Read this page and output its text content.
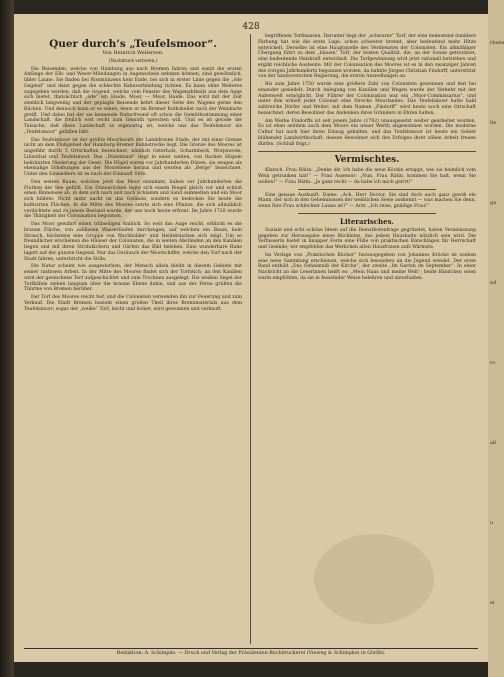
428
Quer durch’s „Teufelsmoor“.
Von Heinrich Wellersen.
(Nachdruck verboten.)

Die Reisenden, welche von Hamburg aus nach Bremen fahren und somit die ersten Anfänge der Elb- und Weser-Mündungen in Augenschein nehmen können, sind gewöhnlich, übler Laune. Sie finden bei Rissmünzens kein Ende, bei sich in erster Linie gegen die „öde Gegend“ und dann gegen die schlechte Bahnverbindung richten. Es kann ohne Weiteres zugegeben werden, daß die Gegend, welche vom Fenster des Wagenabtheils aus dem Auge sich bietet, thatsächlich „öde“ ist: Haide, Moor, — Moor, Haide. Das wird mit der Zeit ziemlich langweilig und der geplagte Reisende kehrt dieser Seite des Wagens gerne den Rücken. Und dennoch kann er es sehen, wenn er im Bremer Rathskeller nach der Weinkarte greift. Und dabei hat der sie kennende Naturfreund oft schon die Gemüthsstimmung einer Landschaft, die freilich erst recht zum Gemüth sprechen will. Und es ist gerade die Tatsache, daß diese Landschaft so eigenartig ist, welche uns das Teufelsmoor als „Teufelsmoor“ gefallen läßt.

Das Teufelsmoor ist der größte Moorbezirk der Landdrostei Stade, der mit einer Grenze nicht an dem Flußgebiet der Hamburg-Bremer Bahnstrecke liegt. Die Grenze des Moores ist ungefähr durch 5 Ortschaften bezeichnet, nämlich Osterholz, Scharmbeck, Worpswede, Lilienthal und Teufelsmoor. Das „Dünenland“ liegt in einer weiten, von flachen Hügeln bekränzten Niederung der Geest. Die Hügel waren vor Jahrhunderten Dünen, sie zeugen als ehemalige Erhebungen aus der Moorebene heraus und werden als „Berge“ bezeichnet. Unter den Einsiedlern ist es nach der Einkunft Sitte.

Den weiten Raum, welchen jetzt das Moor einnimmt, haben vor Jahrhunderten die Fluthen der See gefüllt. Ein Dünenrücken legte sich einem Riegel gleich vor und schloß einen Binnensee ab, in dem sich nach und nach Schlamm und Sand sammelten und ein Moor sich bildete. Nicht mehr nackt ist das Gelände, sondern es bedecken Sie heute die kultivirten Flächen. In die Mitte des Moores setzte sich eine Pflanze, die sich allmählich verdichtete und zu jenem Bestand wurde, der uns noch heute erfreut. Im Jahre 1720 wurde die Thätigkeit der Colonisation begonnen.

Das Moor gewährt einen trübseligen Anblick. So weit das Auge reicht, erblickt es die braune Fläche, von zahllosen Wasserläufen durchzogen, auf welchen ein Baum, kein Strauch, höchstens eine Gruppe von Wachholder- und Heidebüschen sich zeigt. Um so freundlicher erscheinen die Häuser der Colonisten, die in weiten Abständen an den Kanälen liegen und mit ihren Strohdächern und Gärten das Bild beleben. Eine wunderbare Ruhe lagert auf der ganzen Gegend. Nur das Geräusch der Moorschiffer, welche den Torf nach der Stadt fahren, unterbricht die Stille.

Die Natur scheint wie ausgestorben; der Mensch allein bleibt in diesem Gebiete mit seiner rastlosen Arbeit. In der Mitte des Moores findet sich der Torfstich; an den Kanälen wird der gestochene Torf aufgeschichtet und zum Trocknen ausgelegt. Die weißen Segel der Torfkähne ziehen langsam über die braune Ebene dahin, und aus der Ferne grüßen die Thürme von Bremen herüber.

Der Torf des Moores reicht tief, und die Colonisten verwenden ihn zur Feuerung und zum Verkauf. Die Stadt Bremen bezieht einen großen Theil ihres Brennmaterials aus dem Teufelsmoor; sogar der „weiße“ Torf, leicht und locker, wird gewonnen und verkauft.

begriffenen Torfmassen. Darunter liegt der „schwarze“ Torf, der eine bedeutend dunklere Färbung hat wie die erste Lage, schon schwerer brennt, aber bedeutend mehr Hitze entwickelt. Derselbe ist eine Hauptquelle des Verdienstes der Colonisten. Ein allmähliger Übergang führt zu dem „blauen“ Torf, der besten Qualität, die, an der Sonne getrocknet, eine bedeutende Heizkraft entwickelt. Die Torfgewinnung wird jetzt rationell betrieben und ergibt reichliche Ausbeute. Mit der Colonisation des Moores ist es in den zwanziger Jahren des vorigen Jahrhunderts begonnen worden, da bahnte Jürgen Christian Findorff, unterstützt von der hannoverschen Regierung, die ersten Ansiedlungen an.

Bis zum Jahre 1750 wurde eine größere Zahl von Colonisten gewonnen und fest bei einander gesiedelt. Durch Anlegung von Kanälen und Wegen wurde der Verkehr mit der Außenwelt ermöglicht. Der Führer der Colonisation war ein „Moor-Commissarius“, und unter ihm erhielt jeder Colonist eine Strecke Moorlandes. Das Teufelsmoor hatte bald zahlreiche Dörfer und Weiler; mit dem Namen „Findorff“ wird heute noch eine Ortschaft bezeichnet, deren Bewohner das Andenken ihres Gründers in Ehren halten.

Am Werke Findorffs ist seit jenem Jahre (1792) unausgesetzt weiter gearbeitet worden. Es ist eben seitdem auch dem Moore ein neuer Werth abgewonnen worden. Die moderne Cultur hat auch hier ihren Einzug gehalten, und das Teufelsmoor ist heute ein Gebiet blühender Landwirthschaft, dessen Bewohner sich des Erfolges ihrer zähen Arbeit freuen dürfen. (Schluß folgt.)

Vermischtes.

Klatsch. Frau Rätin: „Denke dir, ich habe die neue Köchin ertappt, wie sie heimlich vom Wein getrunken hat!“ — Frau Assessor: „Nun, Frau Rätin, kommen Sie halt, wenn Sie wollen!“ — Frau Rätin: „Ja ganz recht — da habe ich mich geirrt!“

Eine genaue Auskunft. Dame: „Ach, Herr Doctor, Sie sind doch auch ganz gewiß ein Mann, der sich in den Geheimnissen der weiblichen Seele auskennt — was machen Sie denn, wenn Ihre Frau schlechter Laune ist?“ — Arzt: „Ich reise, gnädige Frau!“

Literarisches.

Soziale und echt schöne Ideen auf die Dienstbotenfrage gegründet, haben Veranlassung gegeben zur Herausgabe eines Büchleins, das jedem Haushalte nützlich sein wird. Die Verfasserin bietet in knapper Form eine Fülle von praktischen Ratschlägen für Herrschaft und Gesinde; wir empfehlen das Werkchen allen Hausfrauen aufs Wärmste.

Im Verlage von „Praktischen Bücher“ herausgegeben von Johannes Krücke ist soeben eine neue Sammlung erschienen, welche sich besonders an die Jugend wendet. Der erste Band enthält „Das Geheimniß der Kirche“, der zweite „Im Garten im September“. In einer Nachricht an die Leserinnen heißt es: „Mein Haus und meine Welt“; beide Bändchen seien warm empfohlen, da sie in fesselnder Weise belehren und unterhalten.

Redaktion: A. Schimpke. — Druck und Verlag der Präsidenten-Buchdruckerei (Vieweg & Schimpke) in Görlitz.
rbens
lle
ga
nd
ro
all
u
ei
